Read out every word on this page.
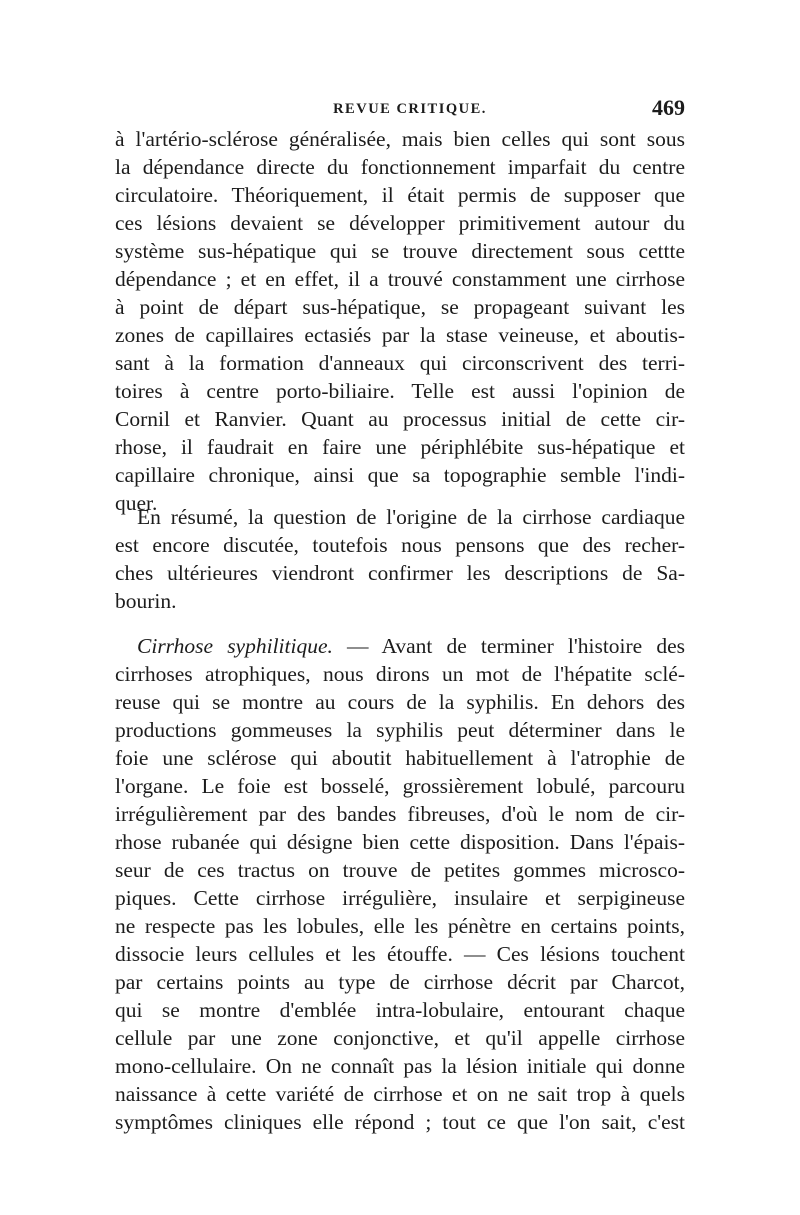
REVUE CRITIQUE.	469
à l'artério-sclérose généralisée, mais bien celles qui sont sous
la dépendance directe du fonctionnement imparfait du centre
circulatoire. Théoriquement, il était permis de supposer que
ces lésions devaient se développer primitivement autour du
système sus-hépatique qui se trouve directement sous cettte
dépendance ; et en effet, il a trouvé constamment une cirrhose
à point de départ sus-hépatique, se propageant suivant les
zones de capillaires ectasiés par la stase veineuse, et aboutis-
sant à la formation d'anneaux qui circonscrivent des terri-
toires à centre porto-biliaire. Telle est aussi l'opinion de
Cornil et Ranvier. Quant au processus initial de cette cir-
rhose, il faudrait en faire une périphlébite sus-hépatique et
capillaire chronique, ainsi que sa topographie semble l'indi-
quer.
En résumé, la question de l'origine de la cirrhose cardiaque
est encore discutée, toutefois nous pensons que des recher-
ches ultérieures viendront confirmer les descriptions de Sa-
bourin.
Cirrhose syphilitique. — Avant de terminer l'histoire des
cirrhoses atrophiques, nous dirons un mot de l'hépatite sclé-
reuse qui se montre au cours de la syphilis. En dehors des
productions gommeuses la syphilis peut déterminer dans le
foie une sclérose qui aboutit habituellement à l'atrophie de
l'organe. Le foie est bosselé, grossièrement lobulé, parcouru
irrégulièrement par des bandes fibreuses, d'où le nom de cir-
rhose rubanée qui désigne bien cette disposition. Dans l'épais-
seur de ces tractus on trouve de petites gommes microsco-
piques. Cette cirrhose irrégulière, insulaire et serpigineuse
ne respecte pas les lobules, elle les pénètre en certains points,
dissocie leurs cellules et les étouffe. — Ces lésions touchent
par certains points au type de cirrhose décrit par Charcot,
qui se montre d'emblée intra-lobulaire, entourant chaque
cellule par une zone conjonctive, et qu'il appelle cirrhose
mono-cellulaire. On ne connaît pas la lésion initiale qui donne
naissance à cette variété de cirrhose et on ne sait trop à quels
symptômes cliniques elle répond ; tout ce que l'on sait, c'est
